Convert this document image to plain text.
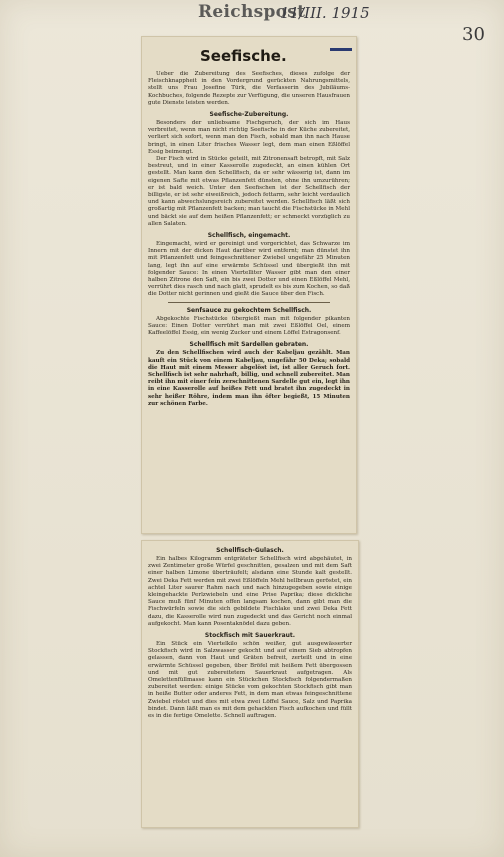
Reichspost
11/III. 1915
30
Seefische.

Ueber die Zubereitung des Seefisches, dieses zufolge der Fleischknappheit in den Vordergrund gerückten Nahrungsmittels, stellt uns Frau Josefine Türk, die Verfasserin des Jubiläums-Kochbuches, folgende Rezepte zur Verfügung, die unseren Hausfrauen gute Dienste leisten werden.

Seefische-Zubereitung.

Besonders der unliebsame Fischgeruch, der sich im Haus verbreitet, wenn man nicht richtig Seefische in der Küche zubereitet, verliert sich sofort, wenn man den Fisch, sobald man ihn nach Hause bringt, in einen Liter frisches Wasser legt, dem man einen Eßlöffel Essig beimengt.

Der Fisch wird in Stücke geteilt, mit Zitronensaft betropft, mit Salz bestreut, und in einer Kasserolle zugedeckt, an einen kühlen Ort gestellt. Man kann den Schellfisch, da er sehr wässerig ist, dann im eigenen Safte mit etwas Pflanzenfett dünsten, ohne ihn umzurühren; er ist bald weich. Unter den Seefischen ist der Schellfisch der billigste, er ist sehr eiweißreich, jedoch fettarm, sehr leicht verdaulich und kann abwechslungsreich zubereitet werden. Schellfisch läßt sich großartig mit Pflanzenfett backen; man taucht die Fischstücke in Mehl und bäckt sie auf dem heißen Pflanzenfett; er schmeckt vorzüglich zu allen Salaten.

Schellfisch, eingemacht.

Eingemacht, wird er gereinigt und vorgerichtet, das Schwarze im Innern mit der dicken Haut darüber wird entfernt; man dünstet ihn mit Pflanzenfett und feingeschnittener Zwiebel ungefähr 25 Minuten lang, legt ihn auf eine erwärmte Schüssel und übergießt ihn mit folgender Sauce: In einen Viertelliter Wasser gibt man den einer halben Zitrone den Saft, ein bis zwei Dotter und einen Eßlöffel Mehl, verrührt dies rasch und nach glatt, sprudelt es bis zum Kochen, so daß die Dotter nicht gerinnen und gießt die Sauce über den Fisch.

Senfsauce zu gekochtem Schellfisch.

Abgekochte Fischstücke übergießt man mit folgender pikanten Sauce: Einen Dotter verrührt man mit zwei Eßlöffel Oel, einem Kaffeelöffel Essig, ein wenig Zucker und einem Löffel Estragonsenf.

Schellfisch mit Sardellen gebraten.

Zu den Schellfischen wird auch der Kabeljau gezählt. Man kauft ein Stück von einem Kabeljau, ungefähr 50 Deka; sobald die Haut mit einem Messer abgelöst ist, ist aller Geruch fort. Schellfisch ist sehr nahrhaft, billig, und schnell zubereitet. Man reibt ihn mit einer fein zerschnittenen Sardelle gut ein, legt ihn in eine Kasserolle auf heißes Fett und bratet ihn zugedeckt in sehr heißer Röhre, indem man ihn öfter begießt, 15 Minuten zur schönen Farbe.

Schellfisch-Gulasch.

Ein halbes Kilogramm entgräteter Schellfisch wird abgehäutet, in zwei Zentimeter große Würfel geschnitten, gesalzen und mit dem Saft einer halben Limone überträufelt; alsdann eine Stunde kalt gestellt. Zwei Deka Fett werden mit zwei Eßlöffeln Mehl hellbraun geröstet, ein achtel Liter saurer Rahm nach und nach hinzugegeben sowie einige kleingehackte Perlzwiebeln und eine Prise Paprika; diese dickliche Sauce muß fünf Minuten offen langsam kochen, dann gibt man die Fischwürfeln sowie die sich gebildete Fischlake und zwei Deka Fett dazu, die Kasserolle wird nun zugedeckt und das Gericht noch einmal aufgekocht. Man kann Posentaknödel dazu geben.

Stockfisch mit Sauerkraut.

Ein Stück ein Viertelkilo schön weißer, gut ausgewässerter Stockfisch wird in Salzwasser gekocht und auf einem Sieb abtropfen gelassen, dann von Haut und Gräten befreit, zerteilt und in eine erwärmte Schüssel gegeben, über Bröfel mit heißem Fett übergossen und mit gut zubereitetem Sauerkraut aufgetragen. Als Omelettenfüllmasse kann ein Stückchen Stockfisch folgendermaßen zubereitet werden: einige Stücke vom gekochten Stockfisch gibt man in heiße Butter oder anderes Fett, in dem man etwas feingeschnittene Zwiebel röstet und dies mit etwa zwei Löffel Sauce, Salz und Paprika bindet. Dann läßt man es mit dem gehackten Fisch aufkochen und füllt es in die fertige Omelette. Schnell auftragen.
